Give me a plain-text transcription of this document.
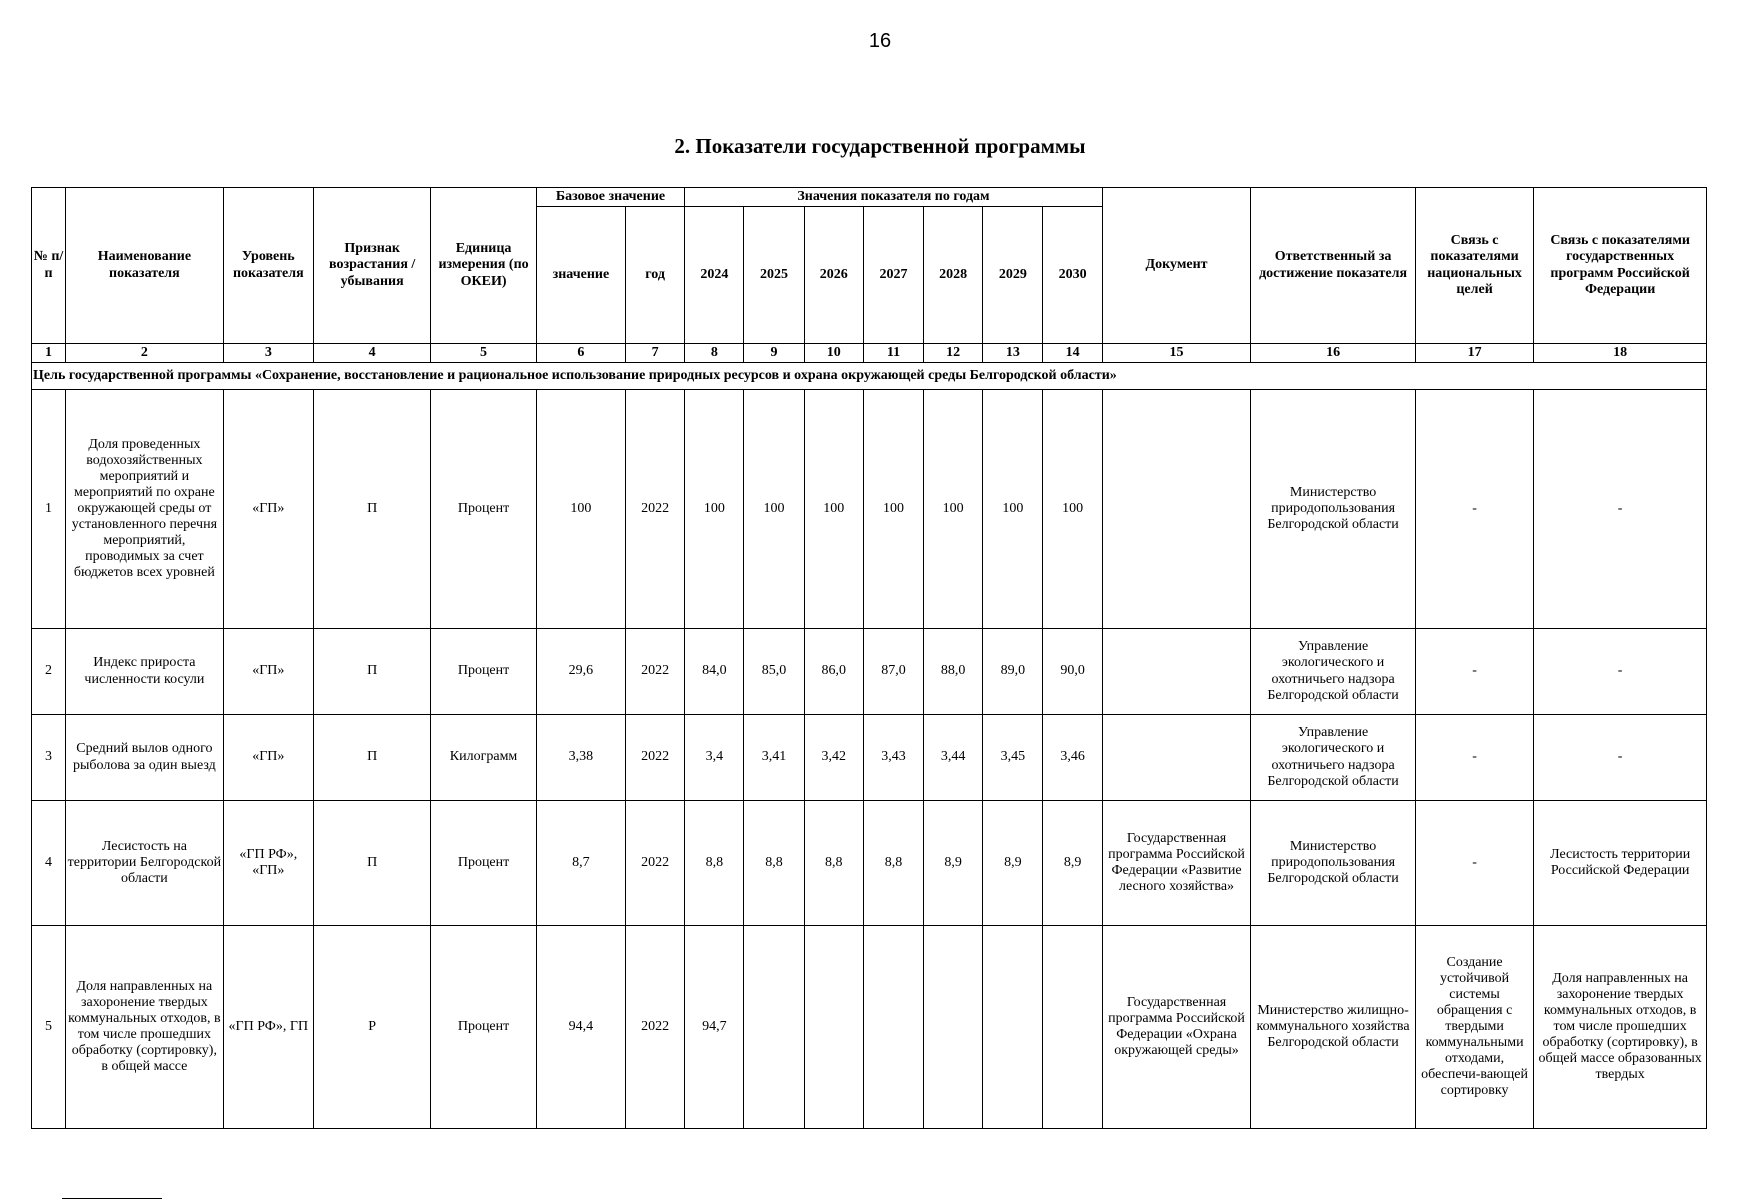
16
2. Показатели государственной программы
№ п/п	Наименование показателя	Уровень показателя	Признак возрастания / убывания	Единица измерения (по ОКЕИ)	Базовое значение		Значения показателя по годам							Документ	Ответственный за достижение показателя	Связь с показателями национальных целей	Связь с показателями государственных программ Российской Федерации
					значение	год	2024	2025	2026	2027	2028	2029	2030				
1	2	3	4	5	6	7	8	9	10	11	12	13	14	15	16	17	18
Цель государственной программы «Сохранение, восстановление и рациональное использование природных ресурсов и охрана окружающей среды Белгородской области»																	
1	Доля проведенных водохозяйственных мероприятий и мероприятий по охране окружающей среды от установленного перечня мероприятий, проводимых за счет бюджетов всех уровней	«ГП»	П	Процент	100	2022	100	100	100	100	100	100	100		Министерство природопользования Белгородской области	-	-
2	Индекс прироста численности косули	«ГП»	П	Процент	29,6	2022	84,0	85,0	86,0	87,0	88,0	89,0	90,0		Управление экологического и охотничьего надзора Белгородской области	-	-
3	Средний вылов одного рыболова за один выезд	«ГП»	П	Килограмм	3,38	2022	3,4	3,41	3,42	3,43	3,44	3,45	3,46		Управление экологического и охотничьего надзора Белгородской области	-	-
4	Лесистость на территории Белгородской области	«ГП РФ», «ГП»	П	Процент	8,7	2022	8,8	8,8	8,8	8,8	8,9	8,9	8,9	Государственная программа Российской Федерации «Развитие лесного хозяйства»	Министерство природопользования Белгородской области	-	Лесистость территории Российской Федерации
5	Доля направленных на захоронение твердых коммунальных отходов, в том числе прошедших обработку (сортировку), в общей массе	«ГП РФ», ГП	Р	Процент	94,4	2022	94,7							Государственная программа Российской Федерации «Охрана окружающей среды»	Министерство жилищно-коммунального хозяйства Белгородской области	Создание устойчивой системы обращения с твердыми коммунальными отходами, обеспечи-вающей сортировку	Доля направленных на захоронение твердых коммунальных отходов, в том числе прошедших обработку (сортировку), в общей массе образованных твердых
